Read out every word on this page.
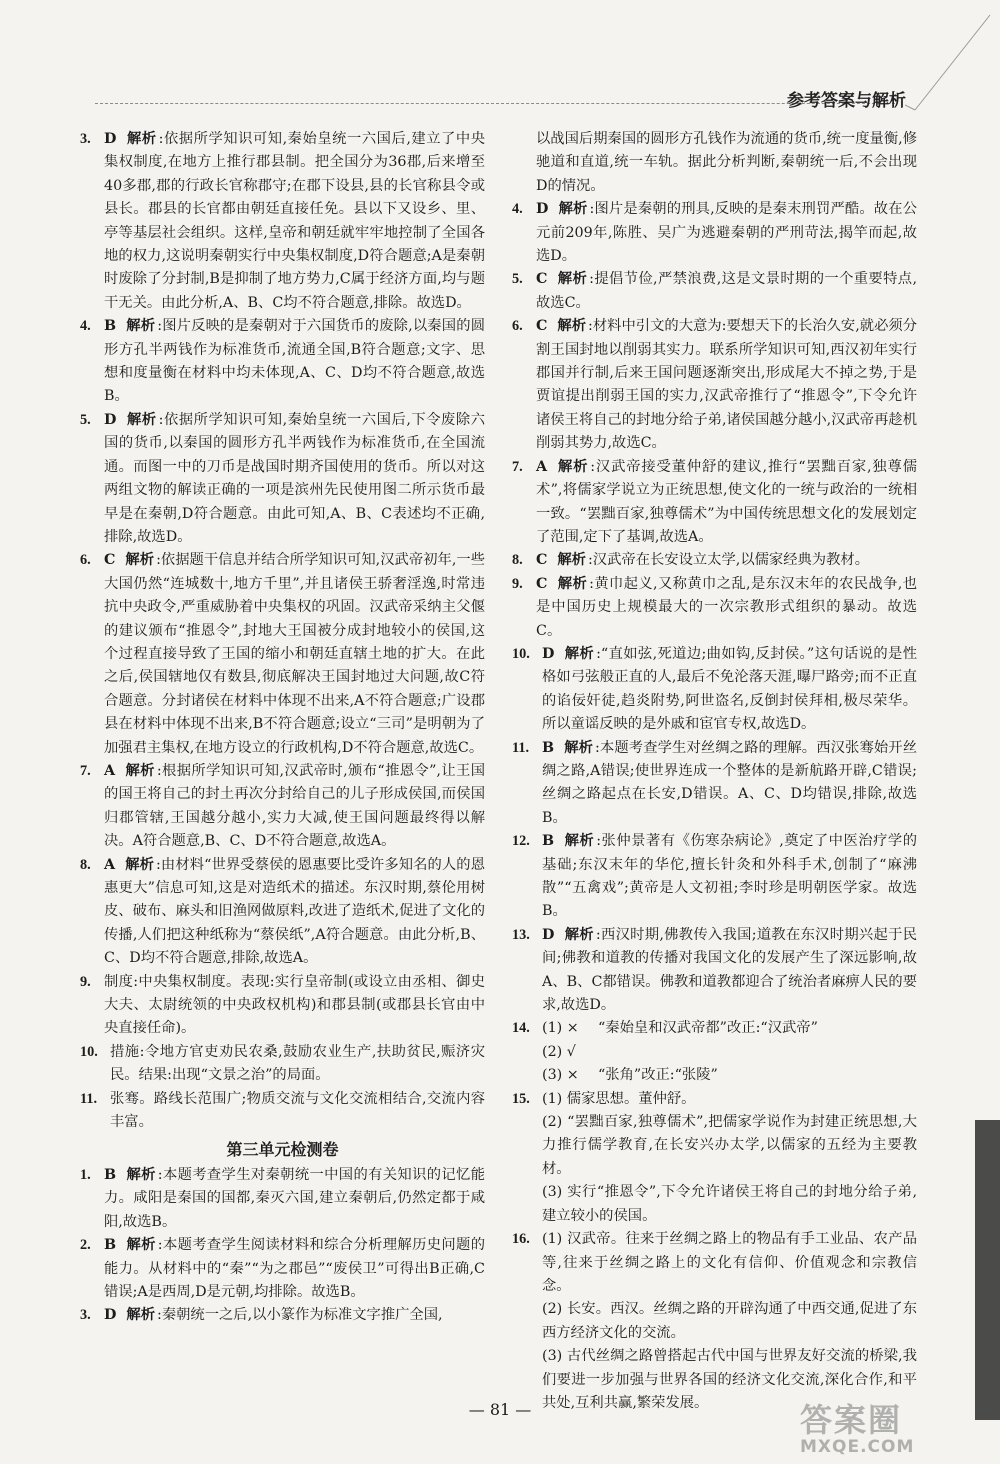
参考答案与解析
3. D 解析 :依据所学知识可知,秦始皇统一六国后,建立了中央集权制度,在地方上推行郡县制。把全国分为36郡,后来增至40多郡,郡的行政长官称郡守;在郡下设县,县的长官称县令或县长。郡县的长官都由朝廷直接任免。县以下又设乡、里、亭等基层社会组织。这样,皇帝和朝廷就牢牢地控制了全国各地的权力,这说明秦朝实行中央集权制度,D符合题意;A是秦朝时废除了分封制,B是抑制了地方势力,C属于经济方面,均与题干无关。由此分析,A、B、C均不符合题意,排除。故选D。
4. B 解析 :图片反映的是秦朝对于六国货币的废除,以秦国的圆形方孔半两钱作为标准货币,流通全国,B符合题意;文字、思想和度量衡在材料中均未体现,A、C、D均不符合题意,故选B。
5. D 解析 :依据所学知识可知,秦始皇统一六国后,下令废除六国的货币,以秦国的圆形方孔半两钱作为标准货币,在全国流通。而图一中的刀币是战国时期齐国使用的货币。所以对这两组文物的解读正确的一项是滨州先民使用图二所示货币最早是在秦朝,D符合题意。由此可知,A、B、C表述均不正确,排除,故选D。
6. C 解析 :依据题干信息并结合所学知识可知,汉武帝初年,一些大国仍然“连城数十,地方千里”,并且诸侯王骄奢淫逸,时常违抗中央政令,严重威胁着中央集权的巩固。汉武帝采纳主父偃的建议颁布“推恩令”,封地大王国被分成封地较小的侯国,这个过程直接导致了王国的缩小和朝廷直辖土地的扩大。在此之后,侯国辖地仅有数县,彻底解决王国封地过大问题,故C符合题意。分封诸侯在材料中体现不出来,A不符合题意;广设郡县在材料中体现不出来,B不符合题意;设立“三司”是明朝为了加强君主集权,在地方设立的行政机构,D不符合题意,故选C。
7. A 解析 :根据所学知识可知,汉武帝时,颁布“推恩令”,让王国的国王将自己的封土再次分封给自己的儿子形成侯国,而侯国归郡管辖,王国越分越小,实力大减,使王国问题最终得以解决。A符合题意,B、C、D不符合题意,故选A。
8. A 解析 :由材料“世界受蔡侯的恩惠要比受许多知名的人的恩惠更大”信息可知,这是对造纸术的描述。东汉时期,蔡伦用树皮、破布、麻头和旧渔网做原料,改进了造纸术,促进了文化的传播,人们把这种纸称为“蔡侯纸”,A符合题意。由此分析,B、C、D均不符合题意,排除,故选A。
9. 制度:中央集权制度。表现:实行皇帝制(或设立由丞相、御史大夫、太尉统领的中央政权机构)和郡县制(或郡县长官由中央直接任命)。
10. 措施:令地方官吏劝民农桑,鼓励农业生产,扶助贫民,赈济灾民。结果:出现“文景之治”的局面。
11. 张骞。路线长范围广;物质交流与文化交流相结合,交流内容丰富。
第三单元检测卷
1. B 解析 :本题考查学生对秦朝统一中国的有关知识的记忆能力。咸阳是秦国的国都,秦灭六国,建立秦朝后,仍然定都于咸阳,故选B。
2. B 解析 :本题考查学生阅读材料和综合分析理解历史问题的能力。从材料中的“秦”“为之郡邑”“废侯卫”可得出B正确,C错误;A是西周,D是元朝,均排除。故选B。
3. D 解析 :秦朝统一之后,以小篆作为标准文字推广全国,
以战国后期秦国的圆形方孔钱作为流通的货币,统一度量衡,修驰道和直道,统一车轨。据此分析判断,秦朝统一后,不会出现D的情况。
4. D 解析 :图片是秦朝的刑具,反映的是秦末刑罚严酷。故在公元前209年,陈胜、吴广为逃避秦朝的严刑苛法,揭竿而起,故选D。
5. C 解析 :提倡节俭,严禁浪费,这是文景时期的一个重要特点,故选C。
6. C 解析 :材料中引文的大意为:要想天下的长治久安,就必须分割王国封地以削弱其实力。联系所学知识可知,西汉初年实行郡国并行制,后来王国问题逐渐突出,形成尾大不掉之势,于是贾谊提出削弱王国的实力,汉武帝推行了“推恩令”,下令允许诸侯王将自己的封地分给子弟,诸侯国越分越小,汉武帝再趁机削弱其势力,故选C。
7. A 解析 :汉武帝接受董仲舒的建议,推行“罢黜百家,独尊儒术”,将儒家学说立为正统思想,使文化的一统与政治的一统相一致。“罢黜百家,独尊儒术”为中国传统思想文化的发展划定了范围,定下了基调,故选A。
8. C 解析 :汉武帝在长安设立太学,以儒家经典为教材。
9. C 解析 :黄巾起义,又称黄巾之乱,是东汉末年的农民战争,也是中国历史上规模最大的一次宗教形式组织的暴动。故选C。
10. D 解析 :“直如弦,死道边;曲如钩,反封侯。”这句话说的是性格如弓弦般正直的人,最后不免沦落天涯,曝尸路旁;而不正直的谄佞奸徒,趋炎附势,阿世盗名,反倒封侯拜相,极尽荣华。所以童谣反映的是外戚和宦官专权,故选D。
11. B 解析 :本题考查学生对丝绸之路的理解。西汉张骞始开丝绸之路,A错误;使世界连成一个整体的是新航路开辟,C错误;丝绸之路起点在长安,D错误。A、C、D均错误,排除,故选B。
12. B 解析 :张仲景著有《伤寒杂病论》,奠定了中医治疗学的基础;东汉末年的华佗,擅长针灸和外科手术,创制了“麻沸散”“五禽戏”;黄帝是人文初祖;李时珍是明朝医学家。故选B。
13. D 解析 :西汉时期,佛教传入我国;道教在东汉时期兴起于民间;佛教和道教的传播对我国文化的发展产生了深远影响,故A、B、C都错误。佛教和道教都迎合了统治者麻痹人民的要求,故选D。
14. (1) × “秦始皇和汉武帝都”改正:“汉武帝”
(2) √
(3) × “张角”改正:“张陵”
15. (1) 儒家思想。董仲舒。
(2) “罢黜百家,独尊儒术”,把儒家学说作为封建正统思想,大力推行儒学教育,在长安兴办太学,以儒家的五经为主要教材。
(3) 实行“推恩令”,下令允许诸侯王将自己的封地分给子弟,建立较小的侯国。
16. (1) 汉武帝。往来于丝绸之路上的物品有手工业品、农产品等,往来于丝绸之路上的文化有信仰、价值观念和宗教信念。
(2) 长安。西汉。丝绸之路的开辟沟通了中西交通,促进了东西方经济文化的交流。
(3) 古代丝绸之路曾搭起古代中国与世界友好交流的桥梁,我们要进一步加强与世界各国的经济文化交流,深化合作,和平共处,互利共赢,繁荣发展。
— 81 —	答案圈
MXQE.COM
